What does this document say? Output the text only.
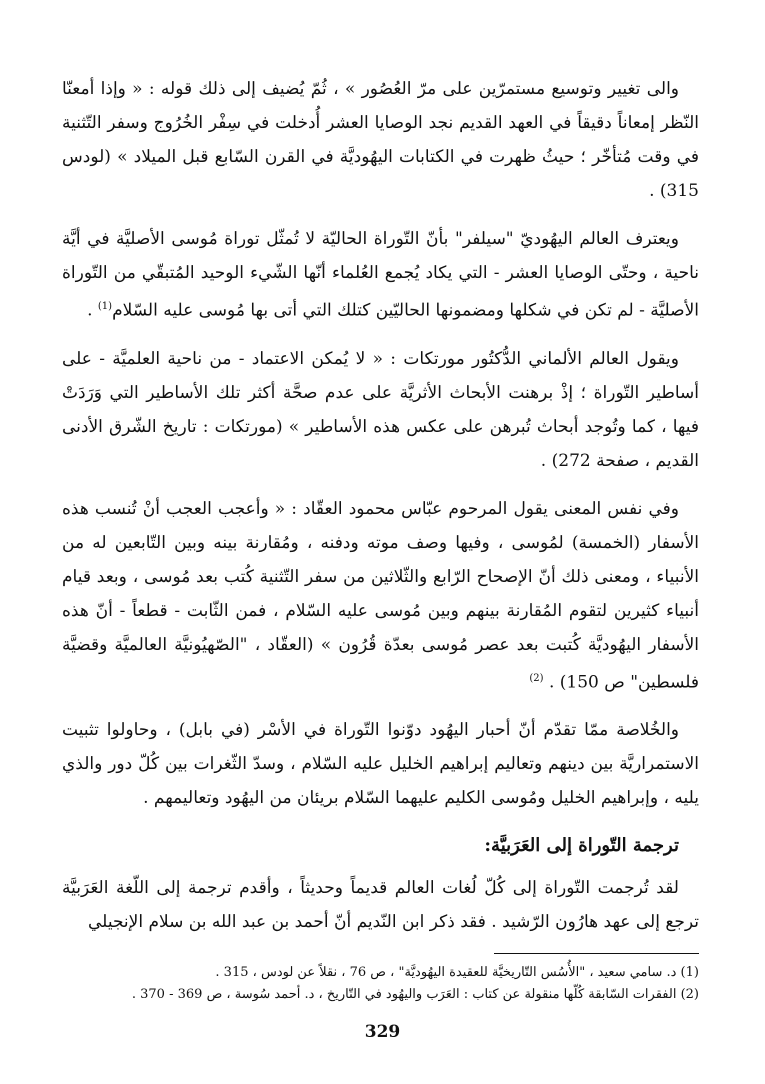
والى تغيير وتوسيع مستمرّين على مرّ العُصُور » ، ثُمّ يُضيف إلى ذلك قوله : « وإذا أمعنّا النّظر إمعاناً دقيقاً في العهد القديم نجد الوصايا العشر أُدخلت في سِفْر الخُرُوج وسفر التّثنية في وقت مُتأخّر ؛ حيثُ ظهرت في الكتابات اليهُوديَّة في القرن السّابع قبل الميلاد » (لودس 315) .

ويعترف العالم اليهُوديّ "سيلفر" بأنّ التّوراة الحاليّة لا تُمثّل توراة مُوسى الأصليَّة في أيَّة ناحية ، وحتّى الوصايا العشر - التي يكاد يُجمع العُلماء أنّها الشّيء الوحيد المُتبقّي من التّوراة الأصليَّة - لم تكن في شكلها ومضمونها الحاليّين كتلك التي أتى بها مُوسى عليه السّلام$^{(1)}$ .

ويقول العالم الألماني الدُّكتُور مورتكات : « لا يُمكن الاعتماد - من ناحية العلميَّة - على أساطير التّوراة ؛ إذْ برهنت الأبحاث الأثريَّة على عدم صحَّة أكثر تلك الأساطير التي وَرَدَتْ فيها ، كما وتُوجد أبحاث تُبرهن على عكس هذه الأساطير » (مورتكات : تاريخ الشّرق الأدنى القديم ، صفحة 272) .

وفي نفس المعنى يقول المرحوم عبّاس محمود العقّاد : « وأعجب العجب أنْ تُنسب هذه الأسفار (الخمسة) لمُوسى ، وفيها وصف موته ودفنه ، ومُقارنة بينه وبين التّابعين له من الأنبياء ، ومعنى ذلك أنّ الإصحاح الرّابع والثّلاثين من سفر التّثنية كُتب بعد مُوسى ، وبعد قيام أنبياء كثيرين لتقوم المُقارنة بينهم وبين مُوسى عليه السّلام ، فمن الثّابت - قطعاً - أنّ هذه الأسفار اليهُوديَّة كُتبت بعد عصر مُوسى بعدّة قُرُون » (العقّاد ، "الصّهيُونيَّة العالميَّة وقضيَّة فلسطين" ص 150) . $^{(2)}$

والخُلاصة ممّا تقدّم أنّ أحبار اليهُود دوّنوا التّوراة في الأسْر (في بابل) ، وحاولوا تثبيت الاستمراريَّة بين دينهم وتعاليم إبراهيم الخليل عليه السّلام ، وسدّ الثّغرات بين كُلّ دور والذي يليه ، وإبراهيم الخليل ومُوسى الكليم عليهما السّلام بريئان من اليهُود وتعاليمهم .

ترجمة التّوراة إلى العَرَبيَّة:

لقد تُرجمت التّوراة إلى كُلّ لُغات العالم قديماً وحديثاً ، وأقدم ترجمة إلى اللّغة العَرَبيَّة ترجع إلى عهد هارُون الرّشيد . فقد ذكر ابن النّديم أنّ أحمد بن عبد الله بن سلام الإنجيلي

(1) د. سامي سعيد ، "الأُسُس التّاريخيَّة للعقيدة اليهُوديَّة" ، ص 76 ، نقلاً عن لودس ، 315 .

(2) الفقرات السّابقة كُلّها منقولة عن كتاب : العَرَب واليهُود في التّاريخ ، د. أحمد سُوسة ، ص 369 - 370 .

329
